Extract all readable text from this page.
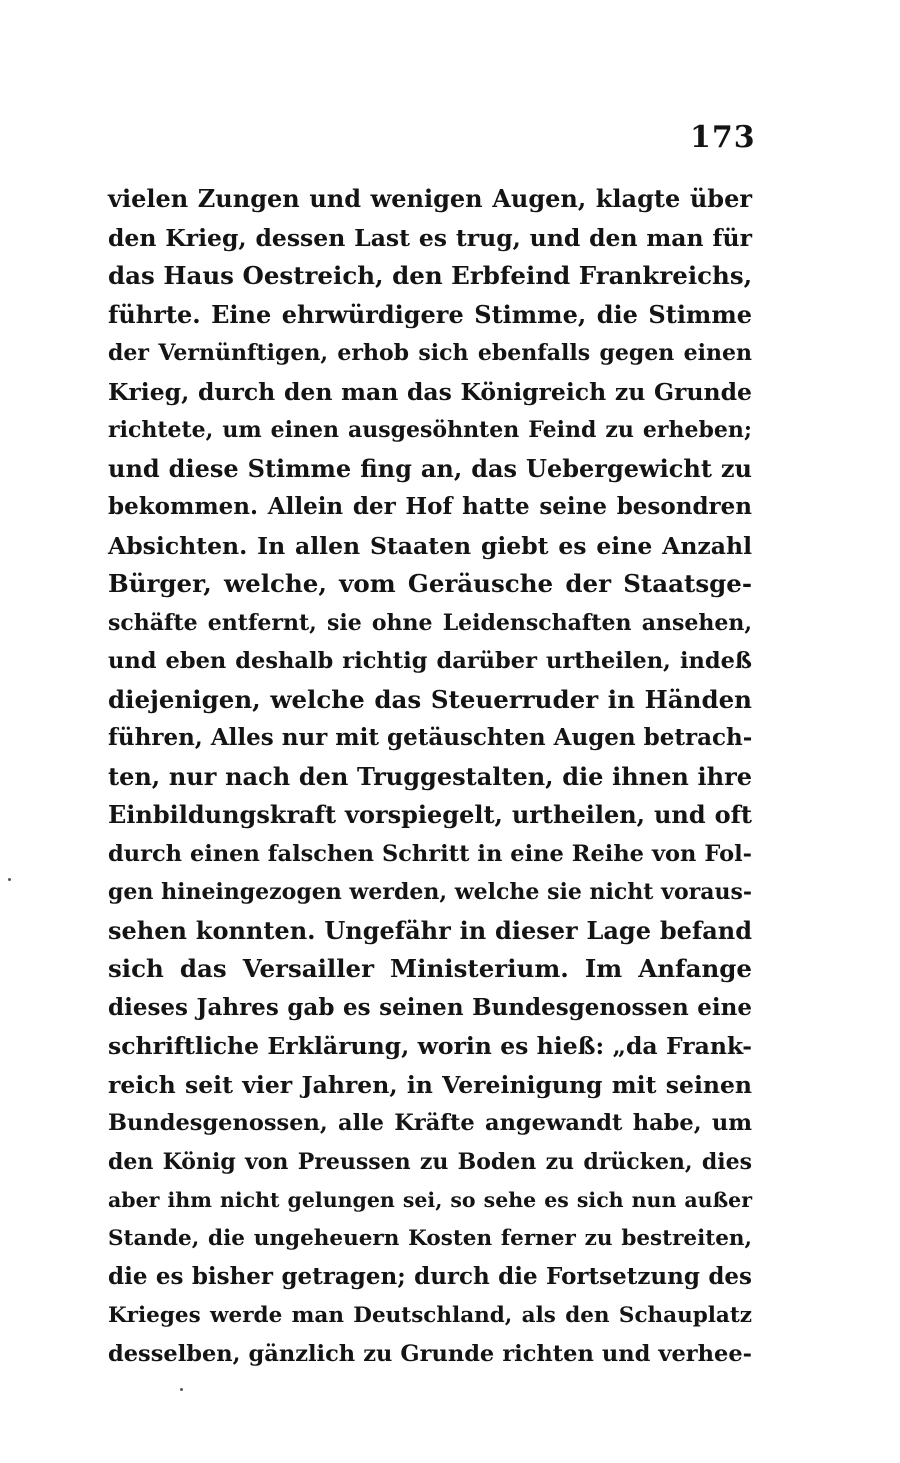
173
vielen Zungen und wenigen Augen, klagte über
den Krieg, dessen Last es trug, und den man für
das Haus Oestreich, den Erbfeind Frankreichs,
führte. Eine ehrwürdigere Stimme, die Stimme
der Vernünftigen, erhob sich ebenfalls gegen einen
Krieg, durch den man das Königreich zu Grunde
richtete, um einen ausgesöhnten Feind zu erheben;
und diese Stimme fing an, das Uebergewicht zu
bekommen. Allein der Hof hatte seine besondren
Absichten. In allen Staaten giebt es eine Anzahl
Bürger, welche, vom Geräusche der Staatsge-
schäfte entfernt, sie ohne Leidenschaften ansehen,
und eben deshalb richtig darüber urtheilen, indeß
diejenigen, welche das Steuerruder in Händen
führen, Alles nur mit getäuschten Augen betrach-
ten, nur nach den Truggestalten, die ihnen ihre
Einbildungskraft vorspiegelt, urtheilen, und oft
durch einen falschen Schritt in eine Reihe von Fol-
gen hineingezogen werden, welche sie nicht voraus-
sehen konnten. Ungefähr in dieser Lage befand
sich das Versailler Ministerium. Im Anfange
dieses Jahres gab es seinen Bundesgenossen eine
schriftliche Erklärung, worin es hieß: „da Frank-
reich seit vier Jahren, in Vereinigung mit seinen
Bundesgenossen, alle Kräfte angewandt habe, um
den König von Preussen zu Boden zu drücken, dies
aber ihm nicht gelungen sei, so sehe es sich nun außer
Stande, die ungeheuern Kosten ferner zu bestreiten,
die es bisher getragen; durch die Fortsetzung des
Krieges werde man Deutschland, als den Schauplatz
desselben, gänzlich zu Grunde richten und verhee-
